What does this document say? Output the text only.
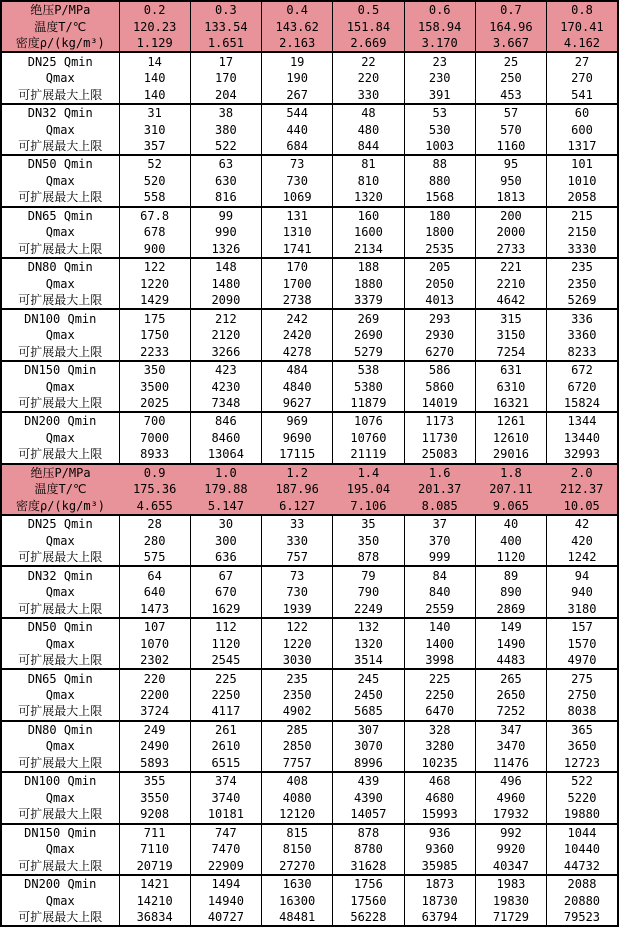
绝压P/MPa	0.2	0.3	0.4	0.5	0.6	0.7	0.8
温度T/℃	120.23	133.54	143.62	151.84	158.94	164.96	170.41
密度ρ/(kg/m³)	1.129	1.651	2.163	2.669	3.170	3.667	4.162
DN25 Qmin	14	17	19	22	23	25	27
Qmax	140	170	190	220	230	250	270
可扩展最大上限	140	204	267	330	391	453	541
DN32 Qmin	31	38	544	48	53	57	60
Qmax	310	380	440	480	530	570	600
可扩展最大上限	357	522	684	844	1003	1160	1317
DN50 Qmin	52	63	73	81	88	95	101
Qmax	520	630	730	810	880	950	1010
可扩展最大上限	558	816	1069	1320	1568	1813	2058
DN65 Qmin	67.8	99	131	160	180	200	215
Qmax	678	990	1310	1600	1800	2000	2150
可扩展最大上限	900	1326	1741	2134	2535	2733	3330
DN80 Qmin	122	148	170	188	205	221	235
Qmax	1220	1480	1700	1880	2050	2210	2350
可扩展最大上限	1429	2090	2738	3379	4013	4642	5269
DN100 Qmin	175	212	242	269	293	315	336
Qmax	1750	2120	2420	2690	2930	3150	3360
可扩展最大上限	2233	3266	4278	5279	6270	7254	8233
DN150 Qmin	350	423	484	538	586	631	672
Qmax	3500	4230	4840	5380	5860	6310	6720
可扩展最大上限	2025	7348	9627	11879	14019	16321	15824
DN200 Qmin	700	846	969	1076	1173	1261	1344
Qmax	7000	8460	9690	10760	11730	12610	13440
可扩展最大上限	8933	13064	17115	21119	25083	29016	32993
绝压P/MPa	0.9	1.0	1.2	1.4	1.6	1.8	2.0
温度T/℃	175.36	179.88	187.96	195.04	201.37	207.11	212.37
密度ρ/(kg/m³)	4.655	5.147	6.127	7.106	8.085	9.065	10.05
DN25 Qmin	28	30	33	35	37	40	42
Qmax	280	300	330	350	370	400	420
可扩展最大上限	575	636	757	878	999	1120	1242
DN32 Qmin	64	67	73	79	84	89	94
Qmax	640	670	730	790	840	890	940
可扩展最大上限	1473	1629	1939	2249	2559	2869	3180
DN50 Qmin	107	112	122	132	140	149	157
Qmax	1070	1120	1220	1320	1400	1490	1570
可扩展最大上限	2302	2545	3030	3514	3998	4483	4970
DN65 Qmin	220	225	235	245	225	265	275
Qmax	2200	2250	2350	2450	2250	2650	2750
可扩展最大上限	3724	4117	4902	5685	6470	7252	8038
DN80 Qmin	249	261	285	307	328	347	365
Qmax	2490	2610	2850	3070	3280	3470	3650
可扩展最大上限	5893	6515	7757	8996	10235	11476	12723
DN100 Qmin	355	374	408	439	468	496	522
Qmax	3550	3740	4080	4390	4680	4960	5220
可扩展最大上限	9208	10181	12120	14057	15993	17932	19880
DN150 Qmin	711	747	815	878	936	992	1044
Qmax	7110	7470	8150	8780	9360	9920	10440
可扩展最大上限	20719	22909	27270	31628	35985	40347	44732
DN200 Qmin	1421	1494	1630	1756	1873	1983	2088
Qmax	14210	14940	16300	17560	18730	19830	20880
可扩展最大上限	36834	40727	48481	56228	63794	71729	79523
